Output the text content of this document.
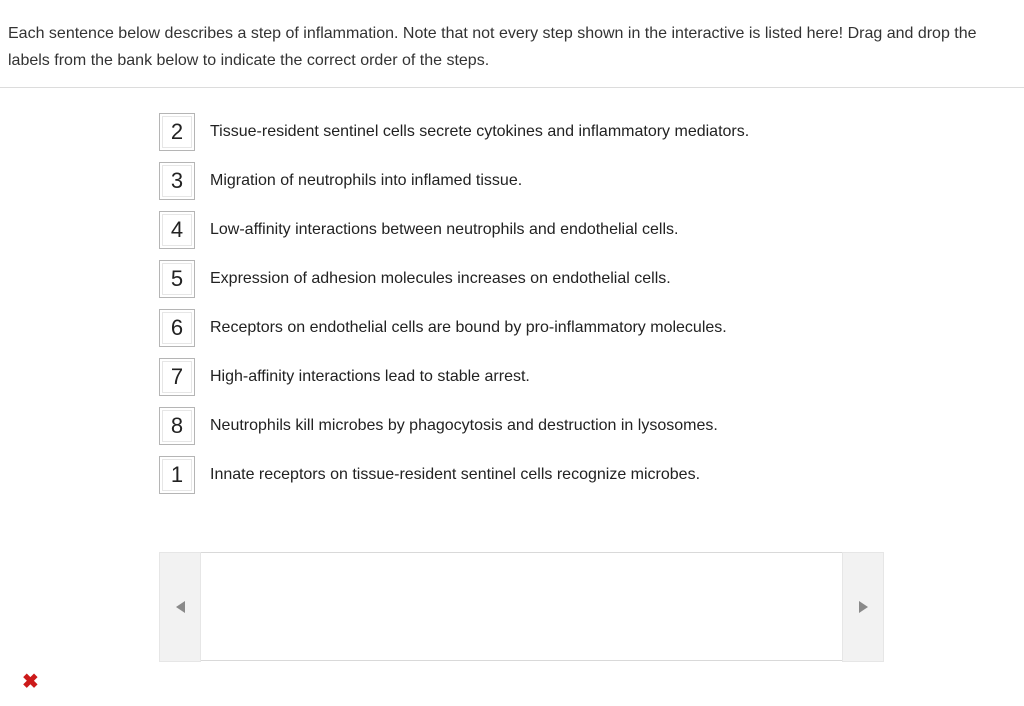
Each sentence below describes a step of inflammation. Note that not every step shown in the interactive is listed here! Drag and drop the labels from the bank below to indicate the correct order of the steps.
2	Tissue-resident sentinel cells secrete cytokines and inflammatory mediators.
3	Migration of neutrophils into inflamed tissue.
4	Low-affinity interactions between neutrophils and endothelial cells.
5	Expression of adhesion molecules increases on endothelial cells.
6	Receptors on endothelial cells are bound by pro-inflammatory molecules.
7	High-affinity interactions lead to stable arrest.
8	Neutrophils kill microbes by phagocytosis and destruction in lysosomes.
1	Innate receptors on tissue-resident sentinel cells recognize microbes.
✖
